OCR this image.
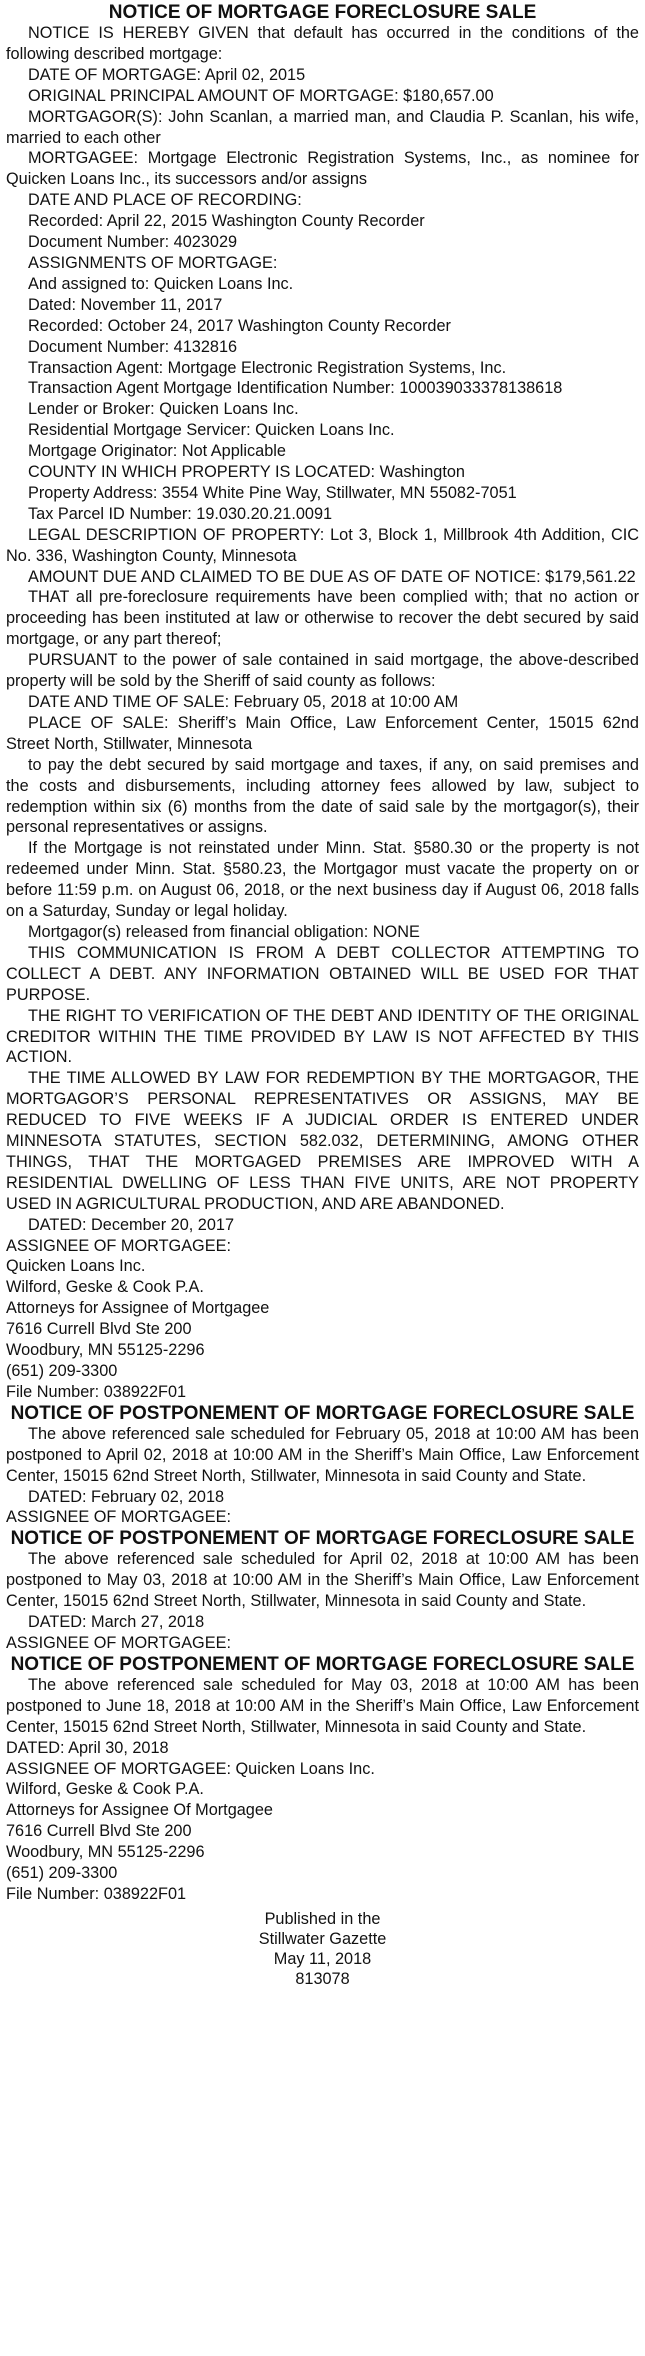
NOTICE OF MORTGAGE FORECLOSURE SALE

NOTICE IS HEREBY GIVEN that default has occurred in the conditions of the following described mortgage:

DATE OF MORTGAGE: April 02, 2015

ORIGINAL PRINCIPAL AMOUNT OF MORTGAGE: $180,657.00

MORTGAGOR(S): John Scanlan, a married man, and Claudia P. Scanlan, his wife, married to each other

MORTGAGEE: Mortgage Electronic Registration Systems, Inc., as nominee for Quicken Loans Inc., its successors and/or assigns

DATE AND PLACE OF RECORDING:

Recorded: April 22, 2015 Washington County Recorder

Document Number: 4023029

ASSIGNMENTS OF MORTGAGE:

And assigned to: Quicken Loans Inc.

Dated: November 11, 2017

Recorded: October 24, 2017 Washington County Recorder

Document Number: 4132816

Transaction Agent: Mortgage Electronic Registration Systems, Inc.

Transaction Agent Mortgage Identification Number: 100039033378138618

Lender or Broker: Quicken Loans Inc.

Residential Mortgage Servicer: Quicken Loans Inc.

Mortgage Originator: Not Applicable

COUNTY IN WHICH PROPERTY IS LOCATED: Washington

Property Address: 3554 White Pine Way, Stillwater, MN 55082-7051

Tax Parcel ID Number: 19.030.20.21.0091

LEGAL DESCRIPTION OF PROPERTY: Lot 3, Block 1, Millbrook 4th Addition, CIC No. 336, Washington County, Minnesota

AMOUNT DUE AND CLAIMED TO BE DUE AS OF DATE OF NOTICE: $179,561.22

THAT all pre-foreclosure requirements have been complied with; that no action or proceeding has been instituted at law or otherwise to recover the debt secured by said mortgage, or any part thereof;

PURSUANT to the power of sale contained in said mortgage, the above-described property will be sold by the Sheriff of said county as follows:

DATE AND TIME OF SALE: February 05, 2018 at 10:00 AM

PLACE OF SALE: Sheriff’s Main Office, Law Enforcement Center, 15015 62nd Street North, Stillwater, Minnesota

to pay the debt secured by said mortgage and taxes, if any, on said premises and the costs and disbursements, including attorney fees allowed by law, subject to redemption within six (6) months from the date of said sale by the mortgagor(s), their personal representatives or assigns.

If the Mortgage is not reinstated under Minn. Stat. §580.30 or the property is not redeemed under Minn. Stat. §580.23, the Mortgagor must vacate the property on or before 11:59 p.m. on August 06, 2018, or the next business day if August 06, 2018 falls on a Saturday, Sunday or legal holiday.

Mortgagor(s) released from financial obligation: NONE

THIS COMMUNICATION IS FROM A DEBT COLLECTOR ATTEMPTING TO COLLECT A DEBT. ANY INFORMATION OBTAINED WILL BE USED FOR THAT PURPOSE.

THE RIGHT TO VERIFICATION OF THE DEBT AND IDENTITY OF THE ORIGINAL CREDITOR WITHIN THE TIME PROVIDED BY LAW IS NOT AFFECTED BY THIS ACTION.

THE TIME ALLOWED BY LAW FOR REDEMPTION BY THE MORTGAGOR, THE MORTGAGOR’S PERSONAL REPRESENTATIVES OR ASSIGNS, MAY BE REDUCED TO FIVE WEEKS IF A JUDICIAL ORDER IS ENTERED UNDER MINNESOTA STATUTES, SECTION 582.032, DETERMINING, AMONG OTHER THINGS, THAT THE MORTGAGED PREMISES ARE IMPROVED WITH A RESIDENTIAL DWELLING OF LESS THAN FIVE UNITS, ARE NOT PROPERTY USED IN AGRICULTURAL PRODUCTION, AND ARE ABANDONED.

DATED: December 20, 2017

ASSIGNEE OF MORTGAGEE:

Quicken Loans Inc.

Wilford, Geske & Cook P.A.

Attorneys for Assignee of Mortgagee

7616 Currell Blvd Ste 200

Woodbury, MN 55125-2296

(651) 209-3300

File Number: 038922F01

NOTICE OF POSTPONEMENT OF MORTGAGE FORECLOSURE SALE

The above referenced sale scheduled for February 05, 2018 at 10:00 AM has been postponed to April 02, 2018 at 10:00 AM in the Sheriff’s Main Office, Law Enforcement Center, 15015 62nd Street North, Stillwater, Minnesota in said County and State.

DATED: February 02, 2018

ASSIGNEE OF MORTGAGEE:

NOTICE OF POSTPONEMENT OF MORTGAGE FORECLOSURE SALE

The above referenced sale scheduled for April 02, 2018 at 10:00 AM has been postponed to May 03, 2018 at 10:00 AM in the Sheriff’s Main Office, Law Enforcement Center, 15015 62nd Street North, Stillwater, Minnesota in said County and State.

DATED: March 27, 2018

ASSIGNEE OF MORTGAGEE:

NOTICE OF POSTPONEMENT OF MORTGAGE FORECLOSURE SALE

The above referenced sale scheduled for May 03, 2018 at 10:00 AM has been postponed to June 18, 2018 at 10:00 AM in the Sheriff’s Main Office, Law Enforcement Center, 15015 62nd Street North, Stillwater, Minnesota in said County and State.

DATED: April 30, 2018

ASSIGNEE OF MORTGAGEE: Quicken Loans Inc.

Wilford, Geske & Cook P.A.

Attorneys for Assignee Of Mortgagee

7616 Currell Blvd Ste 200

Woodbury, MN 55125-2296

(651) 209-3300

File Number: 038922F01

Published in the

Stillwater Gazette

May 11, 2018

813078
